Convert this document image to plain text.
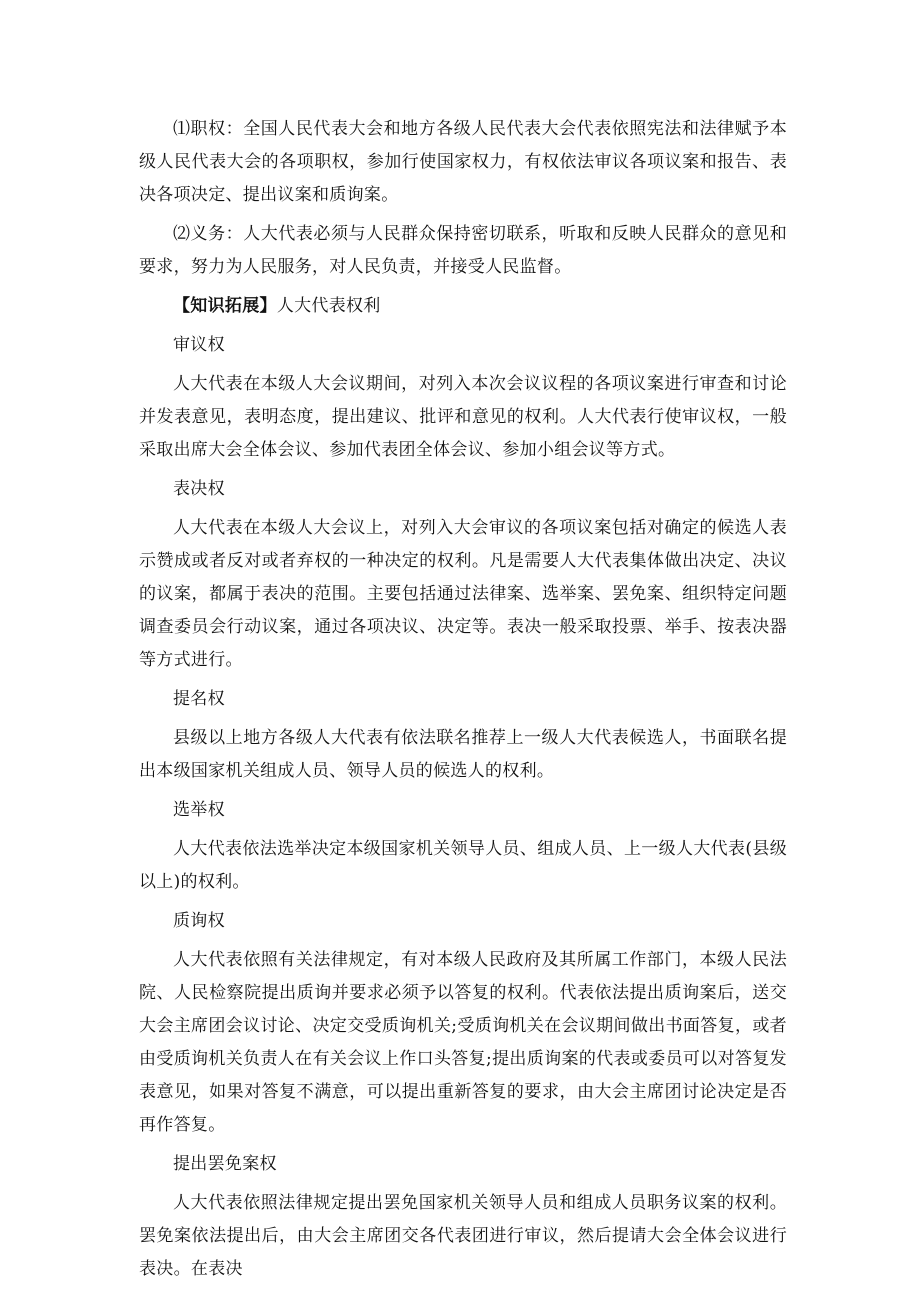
⑴职权：全国人民代表大会和地方各级人民代表大会代表依照宪法和法律赋予本级人民代表大会的各项职权，参加行使国家权力，有权依法审议各项议案和报告、表决各项决定、提出议案和质询案。

⑵义务：人大代表必须与人民群众保持密切联系，听取和反映人民群众的意见和要求，努力为人民服务，对人民负责，并接受人民监督。

【知识拓展】人大代表权利

审议权

人大代表在本级人大会议期间，对列入本次会议议程的各项议案进行审查和讨论并发表意见，表明态度，提出建议、批评和意见的权利。人大代表行使审议权，一般采取出席大会全体会议、参加代表团全体会议、参加小组会议等方式。

表决权

人大代表在本级人大会议上，对列入大会审议的各项议案包括对确定的候选人表示赞成或者反对或者弃权的一种决定的权利。凡是需要人大代表集体做出决定、决议的议案，都属于表决的范围。主要包括通过法律案、选举案、罢免案、组织特定问题调查委员会行动议案，通过各项决议、决定等。表决一般采取投票、举手、按表决器等方式进行。

提名权

县级以上地方各级人大代表有依法联名推荐上一级人大代表候选人，书面联名提出本级国家机关组成人员、领导人员的候选人的权利。

选举权

人大代表依法选举决定本级国家机关领导人员、组成人员、上一级人大代表(县级以上)的权利。

质询权

人大代表依照有关法律规定，有对本级人民政府及其所属工作部门，本级人民法院、人民检察院提出质询并要求必须予以答复的权利。代表依法提出质询案后，送交大会主席团会议讨论、决定交受质询机关;受质询机关在会议期间做出书面答复，或者由受质询机关负责人在有关会议上作口头答复;提出质询案的代表或委员可以对答复发表意见，如果对答复不满意，可以提出重新答复的要求，由大会主席团讨论决定是否再作答复。

提出罢免案权

人大代表依照法律规定提出罢免国家机关领导人员和组成人员职务议案的权利。罢免案依法提出后，由大会主席团交各代表团进行审议，然后提请大会全体会议进行表决。在表决
